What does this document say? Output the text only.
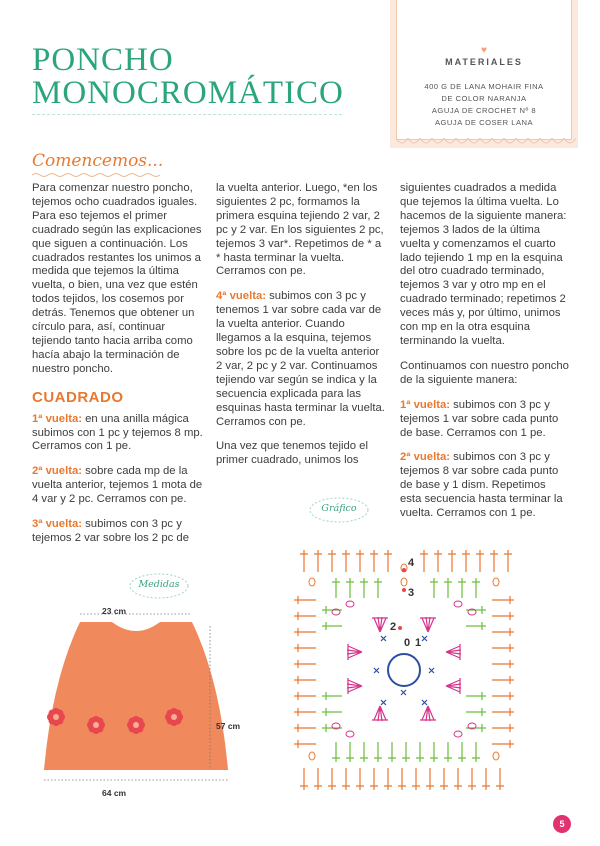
PONCHO
MONOCROMÁTICO
♥
MATERIALES
400 G DE LANA MOHAIR FINA
DE COLOR NARANJA
AGUJA DE CROCHET Nº 8
AGUJA DE COSER LANA
Comencemos...

Para comenzar nuestro poncho, tejemos ocho cuadrados iguales. Para eso tejemos el primer cuadrado según las explicaciones que siguen a continuación. Los cuadrados restantes los unimos a medida que tejemos la última vuelta, o bien, una vez que estén todos tejidos, los cosemos por detrás. Tenemos que obtener un círculo para, así, continuar tejiendo tanto hacia arriba como hacía abajo la terminación de nuestro poncho.

CUADRADO

1ª vuelta: en una anilla mágica subimos con 1 pc y tejemos 8 mp. Cerramos con 1 pe.

2ª vuelta: sobre cada mp de la vuelta anterior, tejemos 1 mota de 4 var y 2 pc. Cerramos con pe.

3ª vuelta: subimos con 3 pc y tejemos 2 var sobre los 2 pc de

la vuelta anterior. Luego, *en los siguientes 2 pc, formamos la primera esquina tejiendo 2 var, 2 pc y 2 var. En los siguientes 2 pc, tejemos 3 var*. Repetimos de * a * hasta terminar la vuelta. Cerramos con pe.

4ª vuelta: subimos con 3 pc y tenemos 1 var sobre cada var de la vuelta anterior. Cuando llegamos a la esquina, tejemos sobre los pc de la vuelta anterior 2 var, 2 pc y 2 var. Continuamos tejiendo var según se indica y la secuencia explicada para las esquinas hasta terminar la vuelta. Cerramos con pe.

Una vez que tenemos tejido el primer cuadrado, unimos los

siguientes cuadrados a medida que tejemos la última vuelta. Lo hacemos de la siguiente manera: tejemos 3 lados de la última vuelta y comenzamos el cuarto lado tejiendo 1 mp en la esquina del otro cuadrado terminado, tejemos 3 var y otro mp en el cuadrado terminado; repetimos 2 veces más y, por último, unimos con mp en la otra esquina terminando la vuelta.

Continuamos con nuestro poncho de la siguiente manera:

1ª vuelta: subimos con 3 pc y tejemos 1 var sobre cada punto de base. Cerramos con 1 pe.

2ª vuelta: subimos con 3 pc y tejemos 8 var sobre cada punto de base y 1 dism. Repetimos esta secuencia hasta terminar la vuelta. Cerramos con 1 pe.

Medidas
Gráfico
23 cm
57 cm
64 cm
4
3
2
0 1
5
